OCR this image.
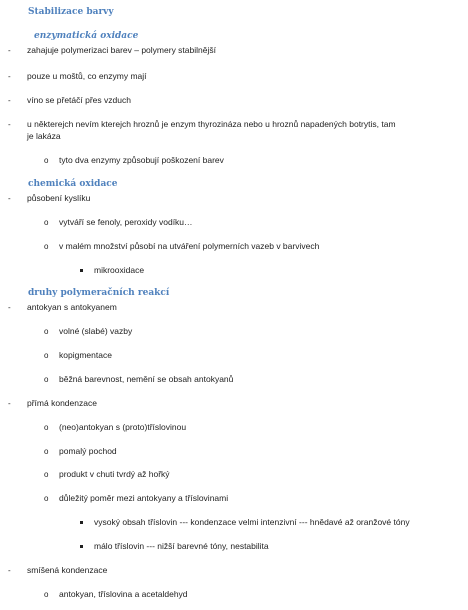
Stabilizace barvy
enzymatická oxidace
- zahajuje polymerizaci barev – polymery stabilnější
- pouze u moštů, co enzymy mají
- víno se přetáčí přes vzduch
- u některejch nevím kterejch hroznů je enzym thyrozináza nebo u hroznů napadených botrytis, tam
je lakáza
o tyto dva enzymy způsobují poškození barev
chemická oxidace
- působení kyslíku
o vytváří se fenoly, peroxidy vodíku…
o v malém množství působí na utváření polymerních vazeb v barvivech
mikrooxidace
druhy polymeračních reakcí
- antokyan s antokyanem
o volné (slabé) vazby
o kopigmentace
o běžná barevnost, nemění se obsah antokyanů
- přímá kondenzace
o (neo)antokyan s (proto)tříslovinou
o pomalý pochod
o produkt v chuti tvrdý až hořký
o důležitý poměr mezi antokyany a tříslovinami
vysoký obsah tříslovin --- kondenzace velmi intenzivní --- hnědavé až oranžové tóny
málo tříslovin --- nižší barevné tóny, nestabilita
- smíšená kondenzace
o antokyan, tříslovina a acetaldehyd
